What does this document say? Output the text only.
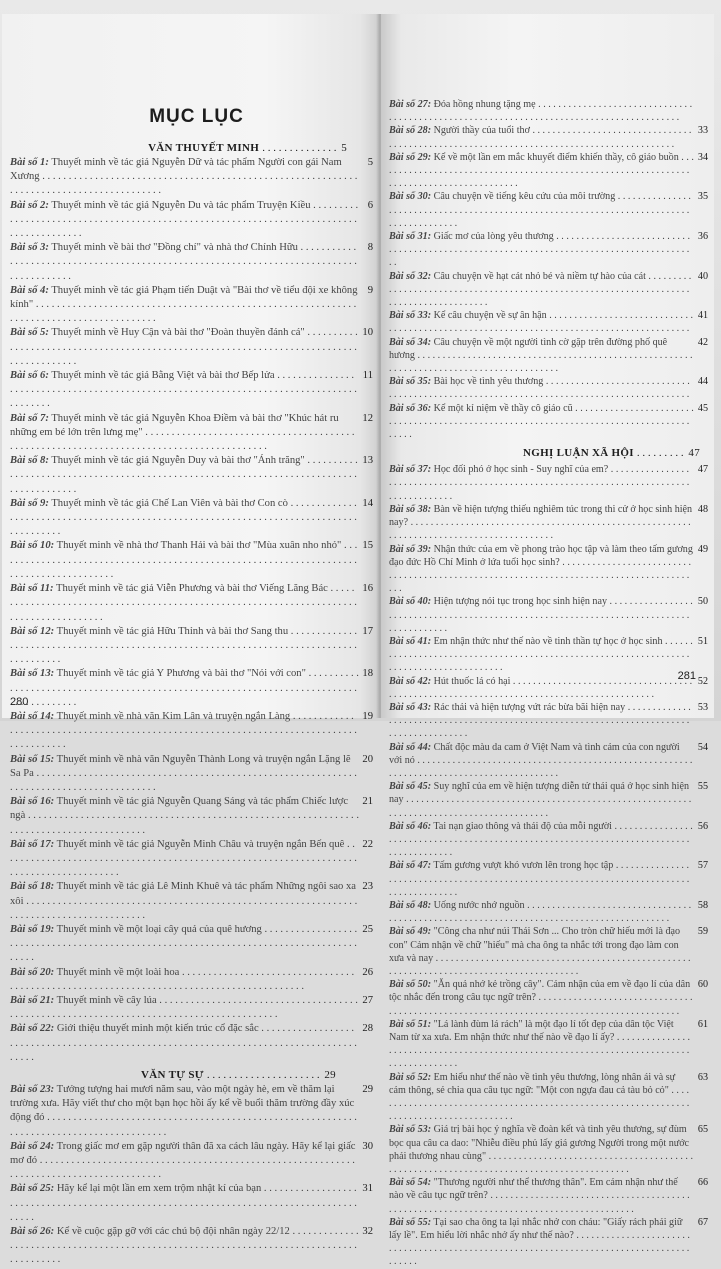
MỤC LỤC
VĂN THUYẾT MINH . . . . . . . . . . . . . . 5
Bài số 1: Thuyết minh về tác giả Nguyễn Dữ và tác phẩm Người con gái Nam Xương . . .
5
Bài số 2: Thuyết minh về tác giả Nguyễn Du và tác phẩm Truyện Kiều . . .	6
Bài số 3: Thuyết minh về bài thơ "Đồng chí" và nhà thơ Chính Hữu . . .	8
Bài số 4: Thuyết minh về tác giả Phạm tiến Duật và "Bài thơ về tiểu đội xe không kính" . . .
9
Bài số 5: Thuyết minh về Huy Cận và bài thơ "Đoàn thuyền đánh cá" . . .	10
Bài số 6: Thuyết minh về tác giả Bằng Việt và bài thơ Bếp lửa . . .	11
Bài số 7: Thuyết minh về tác giả Nguyễn Khoa Điềm và bài thơ "Khúc hát ru những em bé lớn trên lưng mẹ" . . .
12
Bài số 8: Thuyết minh về tác giả Nguyễn Duy và bài thơ "Ánh trăng" . . .	13
Bài số 9: Thuyết minh về tác giả Chế Lan Viên và bài thơ Con cò . . .	14
Bài số 10: Thuyết minh về nhà thơ Thanh Hải và bài thơ "Mùa xuân nho nhỏ" . . .	15
Bài số 11: Thuyết minh về tác giả Viễn Phương và bài thơ Viếng Lăng Bác . . .	16
Bài số 12: Thuyết minh về tác giả Hữu Thỉnh và bài thơ Sang thu . . .	17
Bài số 13: Thuyết minh về tác giả Y Phương và bài thơ "Nói với con" . . .	18
Bài số 14: Thuyết minh về nhà văn Kim Lân và truyện ngắn Làng . . .	19
Bài số 15: Thuyết minh về nhà văn Nguyễn Thành Long và truyện ngắn Lặng lẽ Sa Pa . . .
20
Bài số 16: Thuyết minh về tác giả Nguyễn Quang Sáng và tác phẩm Chiếc lược ngà . . .
21
Bài số 17: Thuyết minh về tác giả Nguyễn Minh Châu và truyện ngắn Bến quê . . .	22
Bài số 18: Thuyết minh về tác giả Lê Minh Khuê và tác phẩm Những ngôi sao xa xôi . . .
23
Bài số 19: Thuyết minh về một loại cây quả của quê hương . . .	25
Bài số 20: Thuyết minh về một loài hoa . . .	26
Bài số 21: Thuyết minh về cây lúa . . .	27
Bài số 22: Giới thiệu thuyết minh một kiến trúc cổ đặc sắc . . .	28
VĂN TỰ SỰ . . . . . . . . . . . . . . . . . . . . . 29
Bài số 23: Tưởng tượng hai mươi năm sau, vào một ngày hè, em về thăm lại trường xưa. Hãy viết thư cho một bạn học hồi ấy kể về buổi thăm trường đầy xúc động đó . . .
29
Bài số 24: Trong giấc mơ em gặp người thân đã xa cách lâu ngày. Hãy kể lại giấc mơ đó . . .
30
Bài số 25: Hãy kể lại một lần em xem trộm nhật kí của bạn . . .	31
Bài số 26: Kể về cuộc gặp gỡ với các chú bộ đội nhân ngày 22/12 . . .	32
280
Bài số 27: Đóa hồng nhung tặng mẹ . . .
Bài số 28: Người thầy của tuổi thơ . . .	33
Bài số 29: Kể về một lần em mắc khuyết điểm khiến thầy, cô giáo buồn . . .	34
Bài số 30: Câu chuyện về tiếng kêu cứu của môi trường . . .	35
Bài số 31: Giấc mơ của lòng yêu thương . . .	36
Bài số 32: Câu chuyện về hạt cát nhỏ bé và niềm tự hào của cát . . .	40
Bài số 33: Kể câu chuyện về sự ân hận . . .	41
Bài số 34: Câu chuyện về một người tình cờ gặp trên đường phố quê hương . . .
42
Bài số 35: Bài học về tình yêu thương . . .	44
Bài số 36: Kể một kỉ niệm về thầy cô giáo cũ . . .	45
NGHỊ LUẬN XÃ HỘI . . . . . . . . . 47
Bài số 37: Học đối phó ở học sinh - Suy nghĩ của em? . . .	47
Bài số 38: Bàn về hiện tượng thiếu nghiêm túc trong thi cử ở học sinh hiện nay? . . .
48
Bài số 39: Nhận thức của em về phong trào học tập và làm theo tấm gương đạo đức Hồ Chí Minh ở lứa tuổi học sinh? . . .
49
Bài số 40: Hiện tượng nói tục trong học sinh hiện nay . . .	50
Bài số 41: Em nhận thức như thế nào về tinh thần tự học ở học sinh . . .	51
Bài số 42: Hút thuốc lá có hại . . .	52
Bài số 43: Rác thải và hiện tượng vứt rác bừa bãi hiện nay . . .	53
Bài số 44: Chất độc màu da cam ở Việt Nam và tình cảm của con người với nó . . .
54
Bài số 45: Suy nghĩ của em về hiện tượng diễn tử thái quá ở học sinh hiện nay . . .
55
Bài số 46: Tai nạn giao thông và thái độ của mỗi người . . .	56
Bài số 47: Tấm gương vượt khó vươn lên trong học tập . . .	57
Bài số 48: Uống nước nhớ nguồn . . .	58
Bài số 49: "Công cha như núi Thái Sơn ... Cho tròn chữ hiếu mới là đạo con" Cảm nhận về chữ "hiếu" mà cha ông ta nhắc tới trong đạo làm con xưa và nay . . .
59
Bài số 50: "Ăn quả nhớ kẻ trồng cây". Cảm nhận của em về đạo lí của dân tộc nhắc đến trong câu tục ngữ trên? . . .
60
Bài số 51: "Lá lành đùm lá rách" là một đạo lí tốt đẹp của dân tộc Việt Nam từ xa xưa. Em nhận thức như thế nào về đạo lí ấy? . . .
61
Bài số 52: Em hiểu như thế nào về tình yêu thương, lòng nhân ái và sự cảm thông, sẻ chia qua câu tục ngữ: "Một con ngựa đau cả tàu bỏ cỏ" . . .
63
Bài số 53: Giá trị bài học ý nghĩa về đoàn kết và tình yêu thương, sự đùm bọc qua câu ca dao: "Nhiễu điều phủ lấy giá gương Người trong một nước phải thương nhau cùng" . . .
65
Bài số 54: "Thương người như thể thương thân". Em cảm nhận như thế nào về câu tục ngữ trên? . . .
66
Bài số 55: Tại sao cha ông ta lại nhắc nhở con cháu: "Giấy rách phải giữ lấy lề". Em hiểu lời nhắc nhở ấy như thế nào? . . .
67
281
